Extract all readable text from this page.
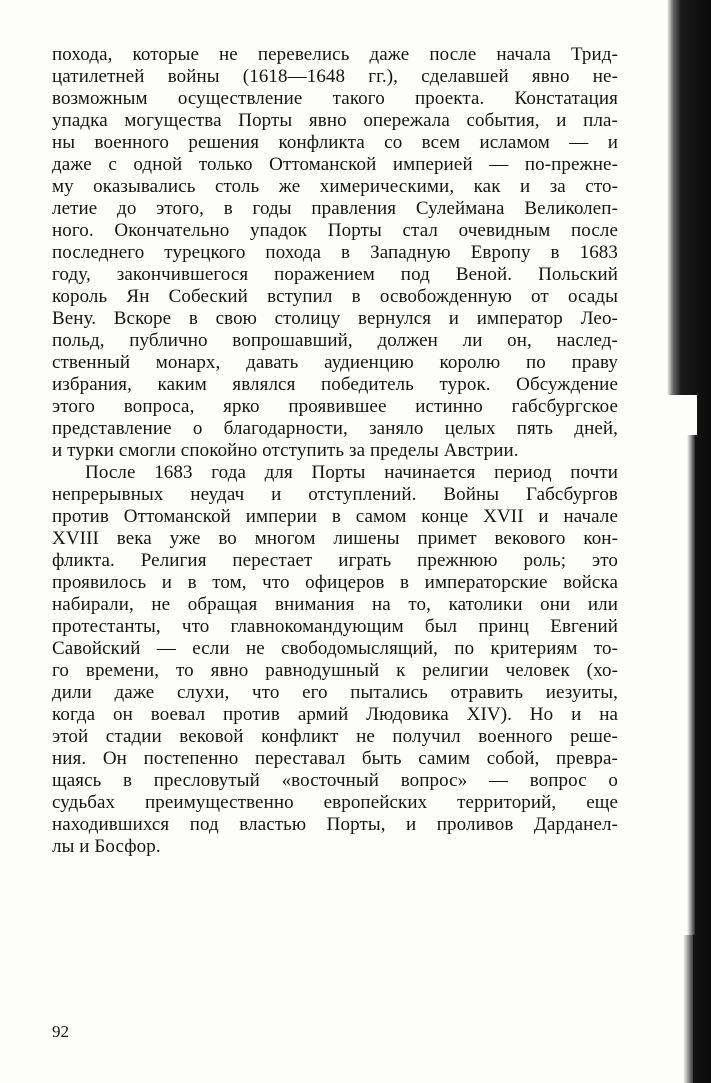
похода, которые не перевелись даже после начала Трид-
цатилетней войны (1618—1648 гг.), сделавшей явно не-
возможным осуществление такого проекта. Констатация
упадка могущества Порты явно опережала события, и пла-
ны военного решения конфликта со всем исламом — и
даже с одной только Оттоманской империей — по-прежне-
му оказывались столь же химерическими, как и за сто-
летие до этого, в годы правления Сулеймана Великолеп-
ного. Окончательно упадок Порты стал очевидным после
последнего турецкого похода в Западную Европу в 1683
году, закончившегося поражением под Веной. Польский
король Ян Собеский вступил в освобожденную от осады
Вену. Вскоре в свою столицу вернулся и император Лео-
польд, публично вопрошавший, должен ли он, наслед-
ственный монарх, давать аудиенцию королю по праву
избрания, каким являлся победитель турок. Обсуждение
этого вопроса, ярко проявившее истинно габсбургское
представление о благодарности, заняло целых пять дней,
и турки смогли спокойно отступить за пределы Австрии.
После 1683 года для Порты начинается период почти
непрерывных неудач и отступлений. Войны Габсбургов
против Оттоманской империи в самом конце XVII и начале
XVIII века уже во многом лишены примет векового кон-
фликта. Религия перестает играть прежнюю роль; это
проявилось и в том, что офицеров в императорские войска
набирали, не обращая внимания на то, католики они или
протестанты, что главнокомандующим был принц Евгений
Савойский — если не свободомыслящий, по критериям то-
го времени, то явно равнодушный к религии человек (хо-
дили даже слухи, что его пытались отравить иезуиты,
когда он воевал против армий Людовика XIV). Но и на
этой стадии вековой конфликт не получил военного реше-
ния. Он постепенно переставал быть самим собой, превра-
щаясь в пресловутый «восточный вопрос» — вопрос о
судьбах преимущественно европейских территорий, еще
находившихся под властью Порты, и проливов Дарданел-
лы и Босфор.
92
